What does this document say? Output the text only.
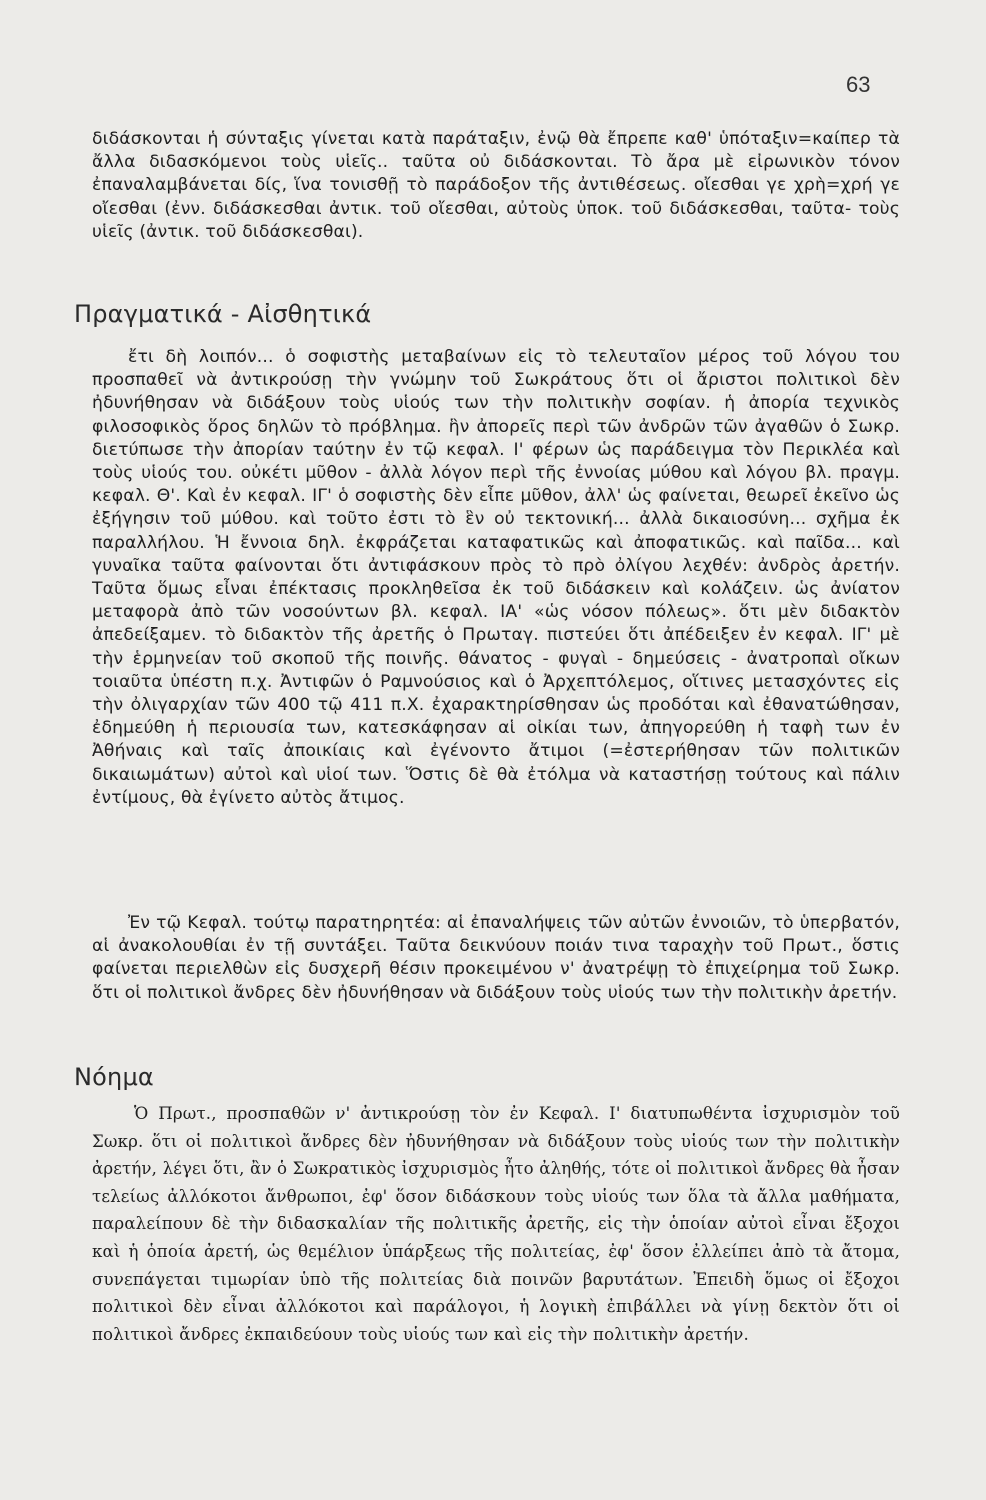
63

διδάσκονται ἡ σύνταξις γίνεται κατὰ παράταξιν, ἐνῷ θὰ ἔπρεπε καθ' ὑπόταξιν=καίπερ τὰ ἄλλα διδασκόμενοι τοὺς υἱεῖς.. ταῦτα οὐ διδάσκονται. Τὸ ἄρα μὲ εἰρωνικὸν τόνον ἐπαναλαμβάνεται δίς, ἵνα τονισθῇ τὸ παράδοξον τῆς ἀντιθέσεως. οἴεσθαι γε χρὴ=χρή γε οἴεσθαι (ἐνν. διδάσκεσθαι ἀντικ. τοῦ οἴεσθαι, αὐτοὺς ὑποκ. τοῦ διδάσκεσθαι, ταῦτα- τοὺς υἱεῖς (ἀντικ. τοῦ διδάσκεσθαι).

Πραγματικά - Αἰσθητικά

ἔτι δὴ λοιπόν... ὁ σοφιστὴς μεταβαίνων εἰς τὸ τελευταῖον μέρος τοῦ λόγου του προσπαθεῖ νὰ ἀντικρούσῃ τὴν γνώμην τοῦ Σωκράτους ὅτι οἱ ἄριστοι πολιτικοὶ δὲν ἠδυνήθησαν νὰ διδάξουν τοὺς υἱούς των τὴν πολιτικὴν σοφίαν. ἡ ἀπορία τεχνικὸς φιλοσοφικὸς ὅρος δηλῶν τὸ πρόβλημα. ἣν ἀπορεῖς περὶ τῶν ἀνδρῶν τῶν ἀγαθῶν ὁ Σωκρ. διετύπωσε τὴν ἀπορίαν ταύτην ἐν τῷ κεφαλ. Ι' φέρων ὡς παράδειγμα τὸν Περικλέα καὶ τοὺς υἱούς του. οὐκέτι μῦθον - ἀλλὰ λόγον περὶ τῆς ἐννοίας μύθου καὶ λόγου βλ. πραγμ. κεφαλ. Θ'. Καὶ ἐν κεφαλ. ΙΓ' ὁ σοφιστὴς δὲν εἶπε μῦθον, ἀλλ' ὡς φαίνεται, θεωρεῖ ἐκεῖνο ὡς ἐξήγησιν τοῦ μύθου. καὶ τοῦτο ἐστι τὸ ἓν οὐ τεκτονική... ἀλλὰ δικαιοσύνη... σχῆμα ἐκ παραλλήλου. Ἡ ἔννοια δηλ. ἐκφράζεται καταφατικῶς καὶ ἀποφατικῶς. καὶ παῖδα... καὶ γυναῖκα ταῦτα φαίνονται ὅτι ἀντιφάσκουν πρὸς τὸ πρὸ ὀλίγου λεχθέν: ἀνδρὸς ἀρετήν. Ταῦτα ὅμως εἶναι ἐπέκτασις προκληθεῖσα ἐκ τοῦ διδάσκειν καὶ κολάζειν. ὡς ἀνίατον μεταφορὰ ἀπὸ τῶν νοσούντων βλ. κεφαλ. ΙΑ' «ὡς νόσον πόλεως». ὅτι μὲν διδακτὸν ἀπεδείξαμεν. τὸ διδακτὸν τῆς ἀρετῆς ὁ Πρωταγ. πιστεύει ὅτι ἀπέδειξεν ἐν κεφαλ. ΙΓ' μὲ τὴν ἑρμηνείαν τοῦ σκοποῦ τῆς ποινῆς. θάνατος - φυγαὶ - δημεύσεις - ἀνατροπαὶ οἴκων τοιαῦτα ὑπέστη π.χ. Ἀντιφῶν ὁ Ραμνούσιος καὶ ὁ Ἀρχεπτόλεμος, οἵτινες μετασχόντες εἰς τὴν ὀλιγαρχίαν τῶν 400 τῷ 411 π.Χ. ἐχαρακτηρίσθησαν ὡς προδόται καὶ ἐθανατώθησαν, ἐδημεύθη ἡ περιουσία των, κατεσκάφησαν αἱ οἰκίαι των, ἀπηγορεύθη ἡ ταφὴ των ἐν Ἀθήναις καὶ ταῖς ἀποικίαις καὶ ἐγένοντο ἄτιμοι (=ἐστερήθησαν τῶν πολιτικῶν δικαιωμάτων) αὐτοὶ καὶ υἱοί των. Ὅστις δὲ θὰ ἐτόλμα νὰ καταστήσῃ τούτους καὶ πάλιν ἐντίμους, θὰ ἐγίνετο αὐτὸς ἄτιμος.

Ἐν τῷ Κεφαλ. τούτῳ παρατηρητέα: αἱ ἐπαναλήψεις τῶν αὐτῶν ἐννοιῶν, τὸ ὑπερβατόν, αἱ ἀνακολουθίαι ἐν τῇ συντάξει. Ταῦτα δεικνύουν ποιάν τινα ταραχὴν τοῦ Πρωτ., ὅστις φαίνεται περιελθὼν εἰς δυσχερῆ θέσιν προκειμένου ν' ἀνατρέψῃ τὸ ἐπιχείρημα τοῦ Σωκρ. ὅτι οἱ πολιτικοὶ ἄνδρες δὲν ἠδυνήθησαν νὰ διδάξουν τοὺς υἱούς των τὴν πολιτικὴν ἀρετήν.

Νόημα

Ὁ Πρωτ., προσπαθῶν ν' ἀντικρούσῃ τὸν ἐν Κεφαλ. Ι' διατυπωθέντα ἰσχυρισμὸν τοῦ Σωκρ. ὅτι οἱ πολιτικοὶ ἄνδρες δὲν ἠδυνήθησαν νὰ διδάξουν τοὺς υἱούς των τὴν πολιτικὴν ἀρετήν, λέγει ὅτι, ἂν ὁ Σωκρατικὸς ἰσχυρισμὸς ἦτο ἀληθής, τότε οἱ πολιτικοὶ ἄνδρες θὰ ἦσαν τελείως ἀλλόκοτοι ἄνθρωποι, ἐφ' ὅσον διδάσκουν τοὺς υἱούς των ὅλα τὰ ἄλλα μαθήματα, παραλείπουν δὲ τὴν διδασκαλίαν τῆς πολιτικῆς ἀρετῆς, εἰς τὴν ὁποίαν αὐτοὶ εἶναι ἔξοχοι καὶ ἡ ὁποία ἀρετή, ὡς θεμέλιον ὑπάρξεως τῆς πολιτείας, ἐφ' ὅσον ἐλλείπει ἀπὸ τὰ ἄτομα, συνεπάγεται τιμωρίαν ὑπὸ τῆς πολιτείας διὰ ποινῶν βαρυτάτων. Ἐπειδὴ ὅμως οἱ ἔξοχοι πολιτικοὶ δὲν εἶναι ἀλλόκοτοι καὶ παράλογοι, ἡ λογικὴ ἐπιβάλλει νὰ γίνῃ δεκτὸν ὅτι οἱ πολιτικοὶ ἄνδρες ἐκπαιδεύουν τοὺς υἱούς των καὶ εἰς τὴν πολιτικὴν ἀρετήν.
